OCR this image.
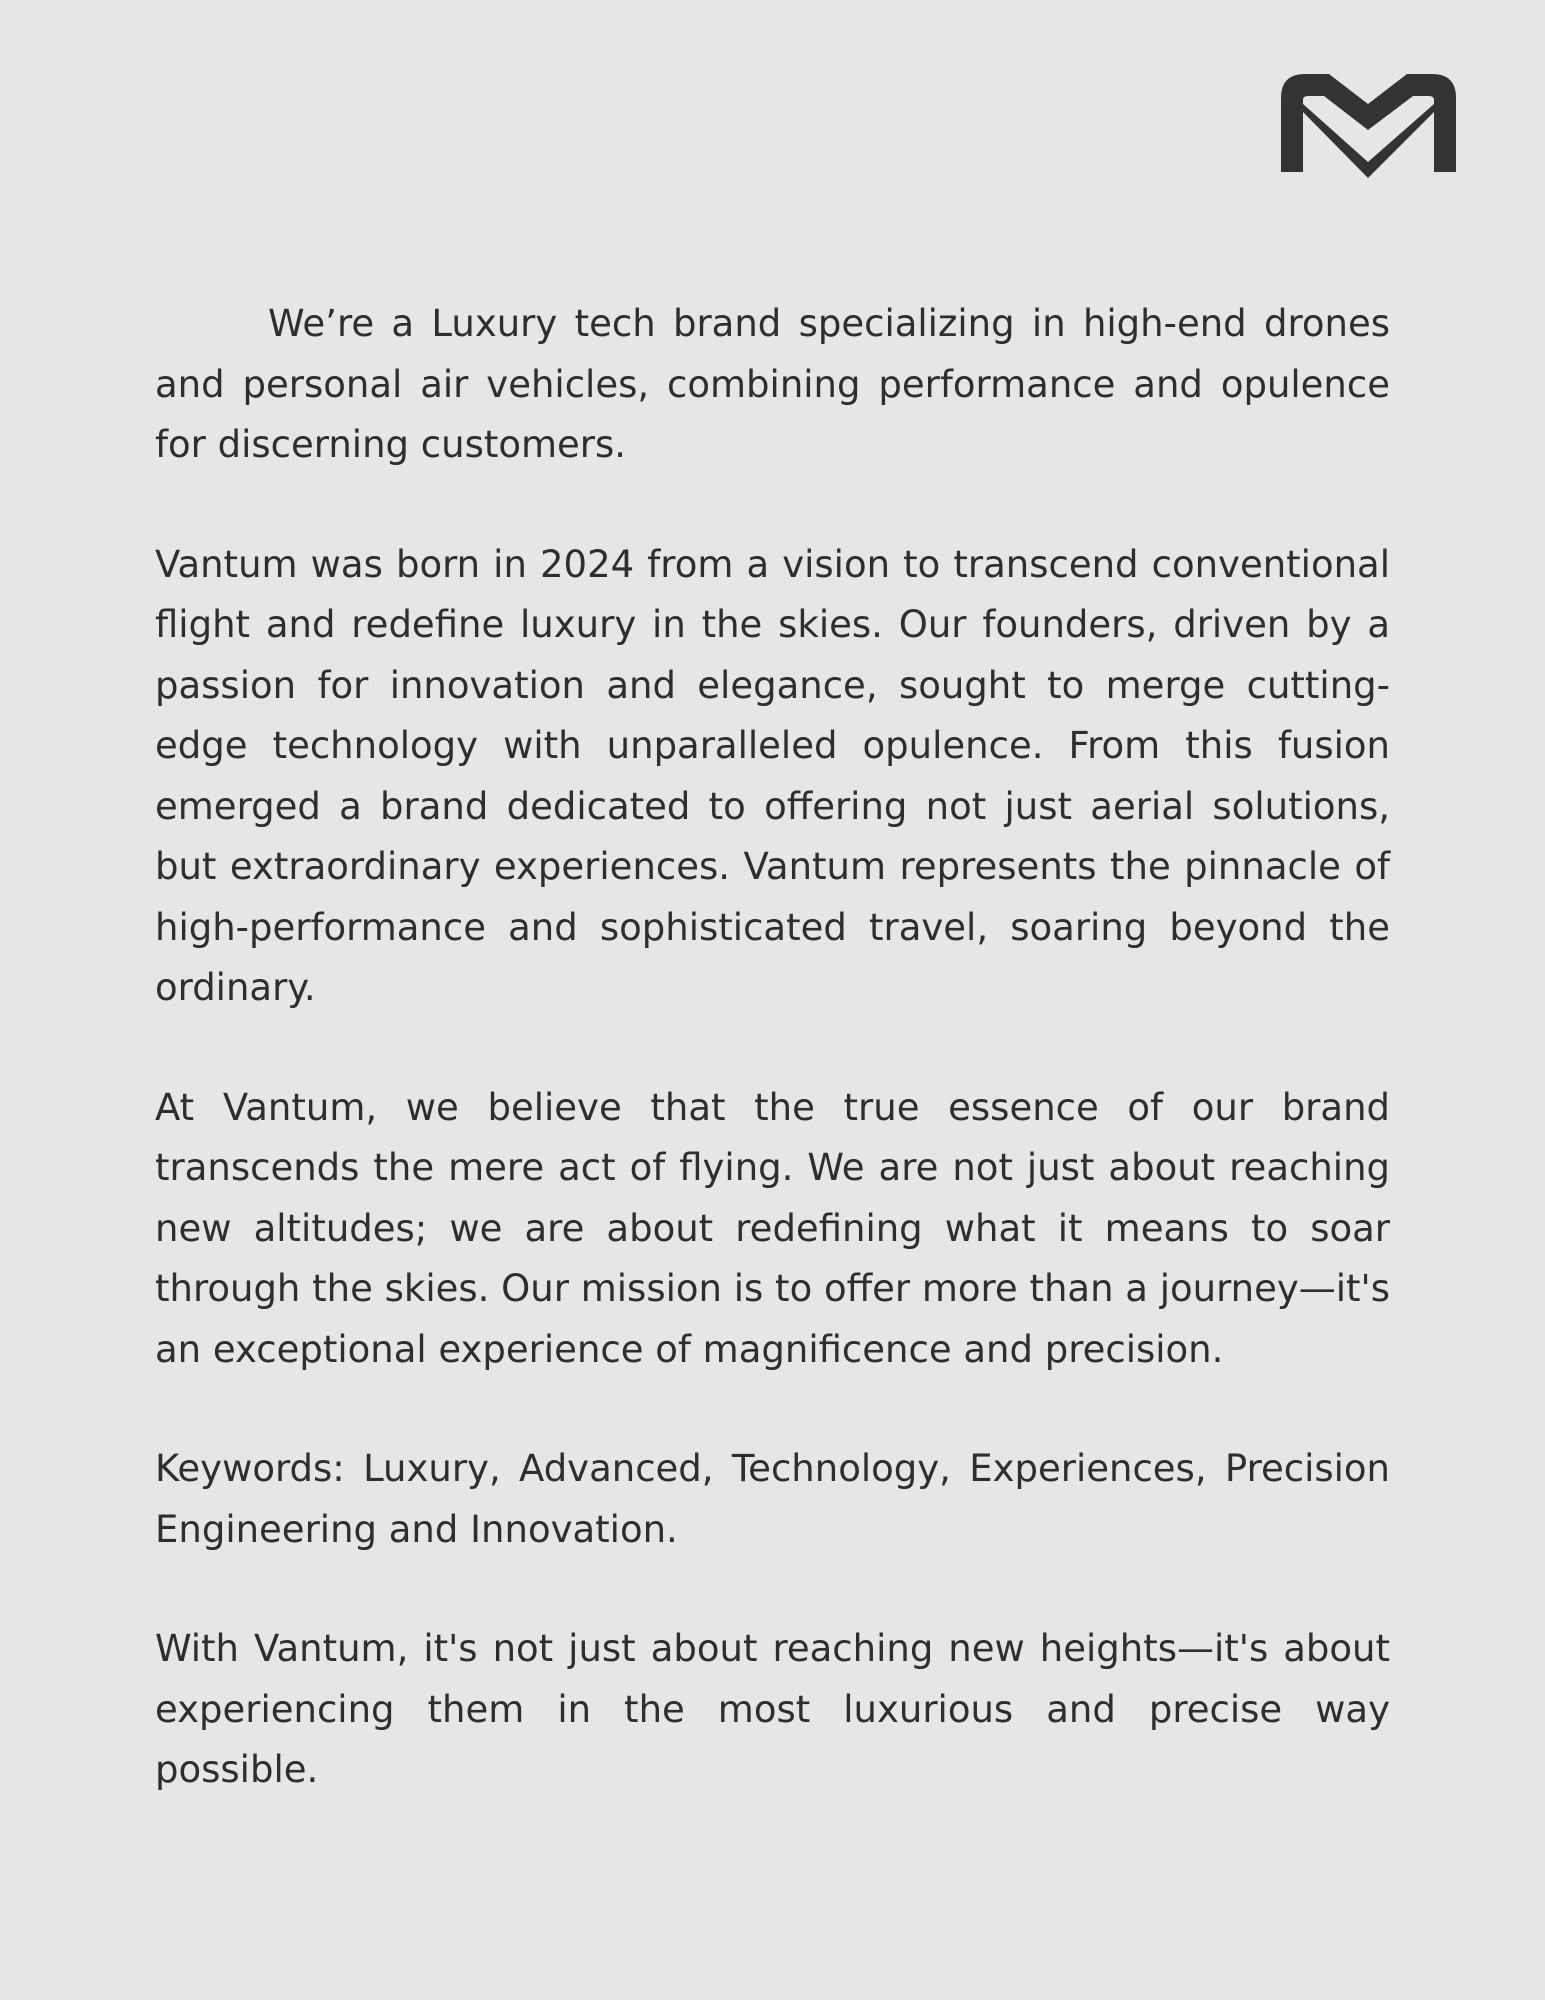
We’re a Luxury tech brand specializing in high-end drones and personal air vehicles, combining performance and opulence for discerning customers.

Vantum was born in 2024 from a vision to transcend conventional flight and redefine luxury in the skies. Our founders, driven by a passion for innovation and elegance, sought to merge cutting-edge technology with unparalleled opulence. From this fusion emerged a brand dedicated to offering not just aerial solutions, but extraordinary experiences. Vantum represents the pinnacle of high-performance and sophisticated travel, soaring beyond the ordinary.

At Vantum, we believe that the true essence of our brand transcends the mere act of flying. We are not just about reaching new altitudes; we are about redefining what it means to soar through the skies. Our mission is to offer more than a journey—it's an exceptional experience of magnificence and precision.

Keywords: Luxury, Advanced, Technology, Experiences, Precision Engineering and Innovation.

With Vantum, it's not just about reaching new heights—it's about experiencing them in the most luxurious and precise way possible.
